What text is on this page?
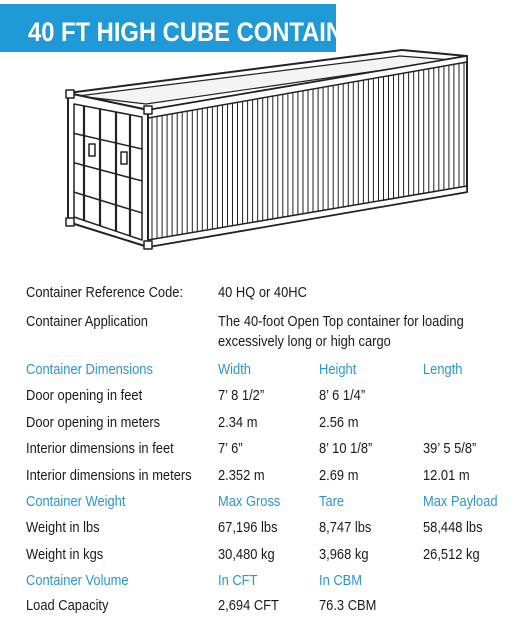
40 FT HIGH CUBE CONTAINER
Container Reference Code: 40 HQ or 40HC
Container Application	The 40-foot Open Top container for loading
excessively long or high cargo
Container Dimensions	Width	Height	Length
Door opening in feet	7’ 8 1/2”	8’ 6 1/4”
Door opening in meters	2.34 m	2.56 m
Interior dimensions in feet	7’ 6”	8’ 10 1/8”	39’ 5 5/8”
Interior dimensions in meters 2.352 m	2.69 m	12.01 m
Container Weight	Max Gross	Tare	Max Payload
Weight in lbs	67,196 lbs	8,747 lbs	58,448 lbs
Weight in kgs	30,480 kg	3,968 kg	26,512 kg
Container Volume	In CFT	In CBM
Load Capacity	2,694 CFT	76.3 CBM
